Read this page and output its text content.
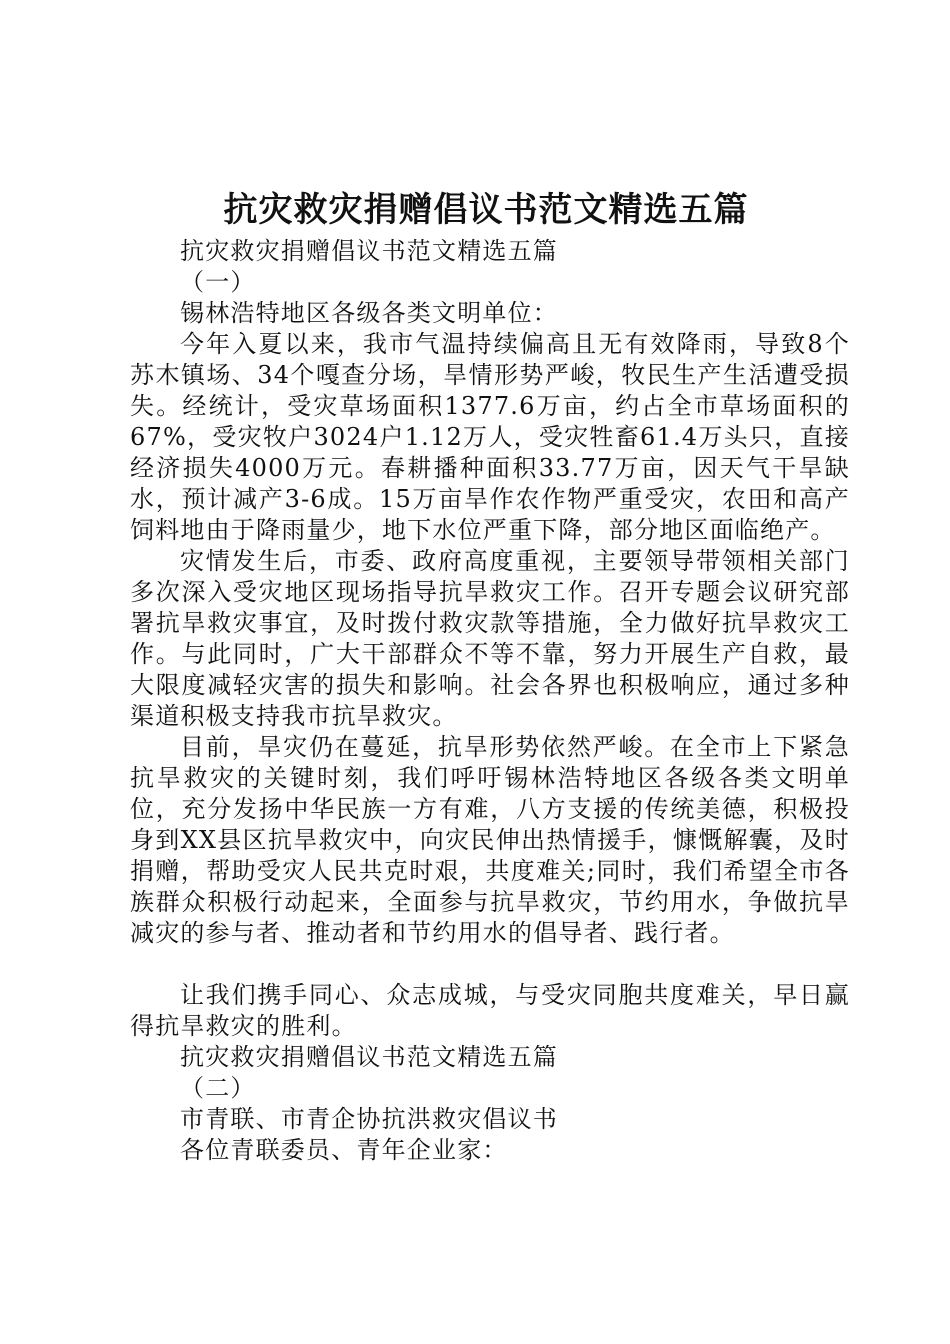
抗灾救灾捐赠倡议书范文精选五篇
抗灾救灾捐赠倡议书范文精选五篇
（一）
锡林浩特地区各级各类文明单位：

今年入夏以来，我市气温持续偏高且无有效降雨，导致8个苏木镇场、34个嘎查分场，旱情形势严峻，牧民生产生活遭受损失。经统计，受灾草场面积1377.6万亩，约占全市草场面积的67%，受灾牧户3024户1.12万人，受灾牲畜61.4万头只，直接经济损失4000万元。春耕播种面积33.77万亩，因天气干旱缺水，预计减产3-6成。15万亩旱作农作物严重受灾，农田和高产饲料地由于降雨量少，地下水位严重下降，部分地区面临绝产。

灾情发生后，市委、政府高度重视，主要领导带领相关部门多次深入受灾地区现场指导抗旱救灾工作。召开专题会议研究部署抗旱救灾事宜，及时拨付救灾款等措施，全力做好抗旱救灾工作。与此同时，广大干部群众不等不靠，努力开展生产自救，最大限度减轻灾害的损失和影响。社会各界也积极响应，通过多种渠道积极支持我市抗旱救灾。

目前，旱灾仍在蔓延，抗旱形势依然严峻。在全市上下紧急抗旱救灾的关键时刻，我们呼吁锡林浩特地区各级各类文明单位，充分发扬中华民族一方有难，八方支援的传统美德，积极投身到XX县区抗旱救灾中，向灾民伸出热情援手，慷慨解囊，及时捐赠，帮助受灾人民共克时艰，共度难关;同时，我们希望全市各族群众积极行动起来，全面参与抗旱救灾，节约用水，争做抗旱减灾的参与者、推动者和节约用水的倡导者、践行者。

让我们携手同心、众志成城，与受灾同胞共度难关，早日赢得抗旱救灾的胜利。

抗灾救灾捐赠倡议书范文精选五篇
（二）
市青联、市青企协抗洪救灾倡议书
各位青联委员、青年企业家：
